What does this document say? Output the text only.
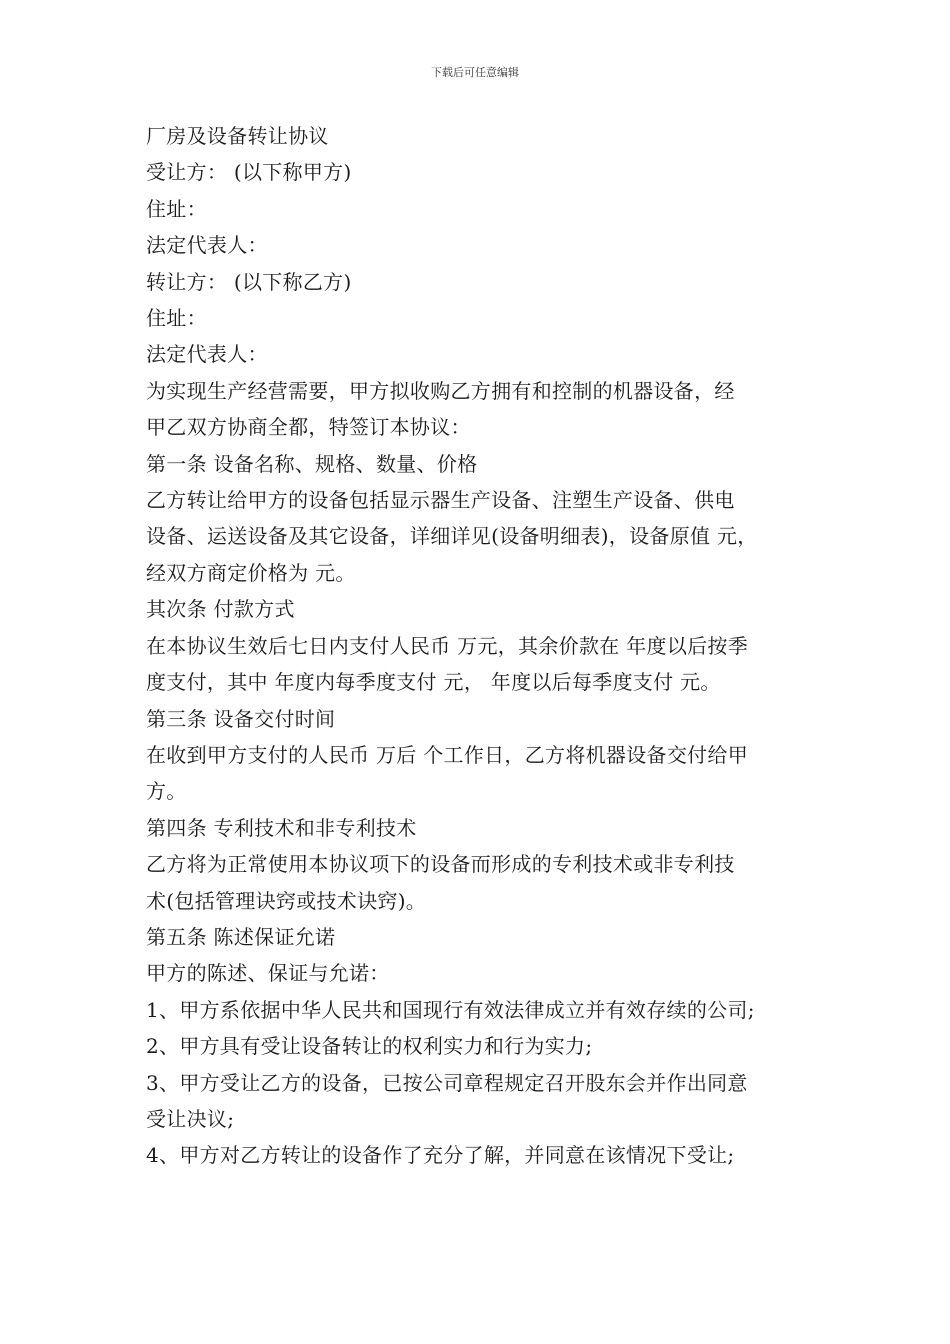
下载后可任意编辑
厂房及设备转让协议
受让方： (以下称甲方)
住址：
法定代表人：
转让方： (以下称乙方)
住址：
法定代表人：
为实现生产经营需要，甲方拟收购乙方拥有和控制的机器设备，经
甲乙双方协商全都，特签订本协议：
第一条 设备名称、规格、数量、价格
乙方转让给甲方的设备包括显示器生产设备、注塑生产设备、供电
设备、运送设备及其它设备，详细详见(设备明细表)，设备原值 元，
经双方商定价格为 元。
其次条 付款方式
在本协议生效后七日内支付人民币 万元，其余价款在 年度以后按季
度支付，其中 年度内每季度支付 元， 年度以后每季度支付 元。
第三条 设备交付时间
在收到甲方支付的人民币 万后 个工作日，乙方将机器设备交付给甲
方。
第四条 专利技术和非专利技术
乙方将为正常使用本协议项下的设备而形成的专利技术或非专利技
术(包括管理诀窍或技术诀窍)。
第五条 陈述保证允诺
甲方的陈述、保证与允诺：
1、甲方系依据中华人民共和国现行有效法律成立并有效存续的公司;
2、甲方具有受让设备转让的权利实力和行为实力;
3、甲方受让乙方的设备，已按公司章程规定召开股东会并作出同意
受让决议;
4、甲方对乙方转让的设备作了充分了解，并同意在该情况下受让;
